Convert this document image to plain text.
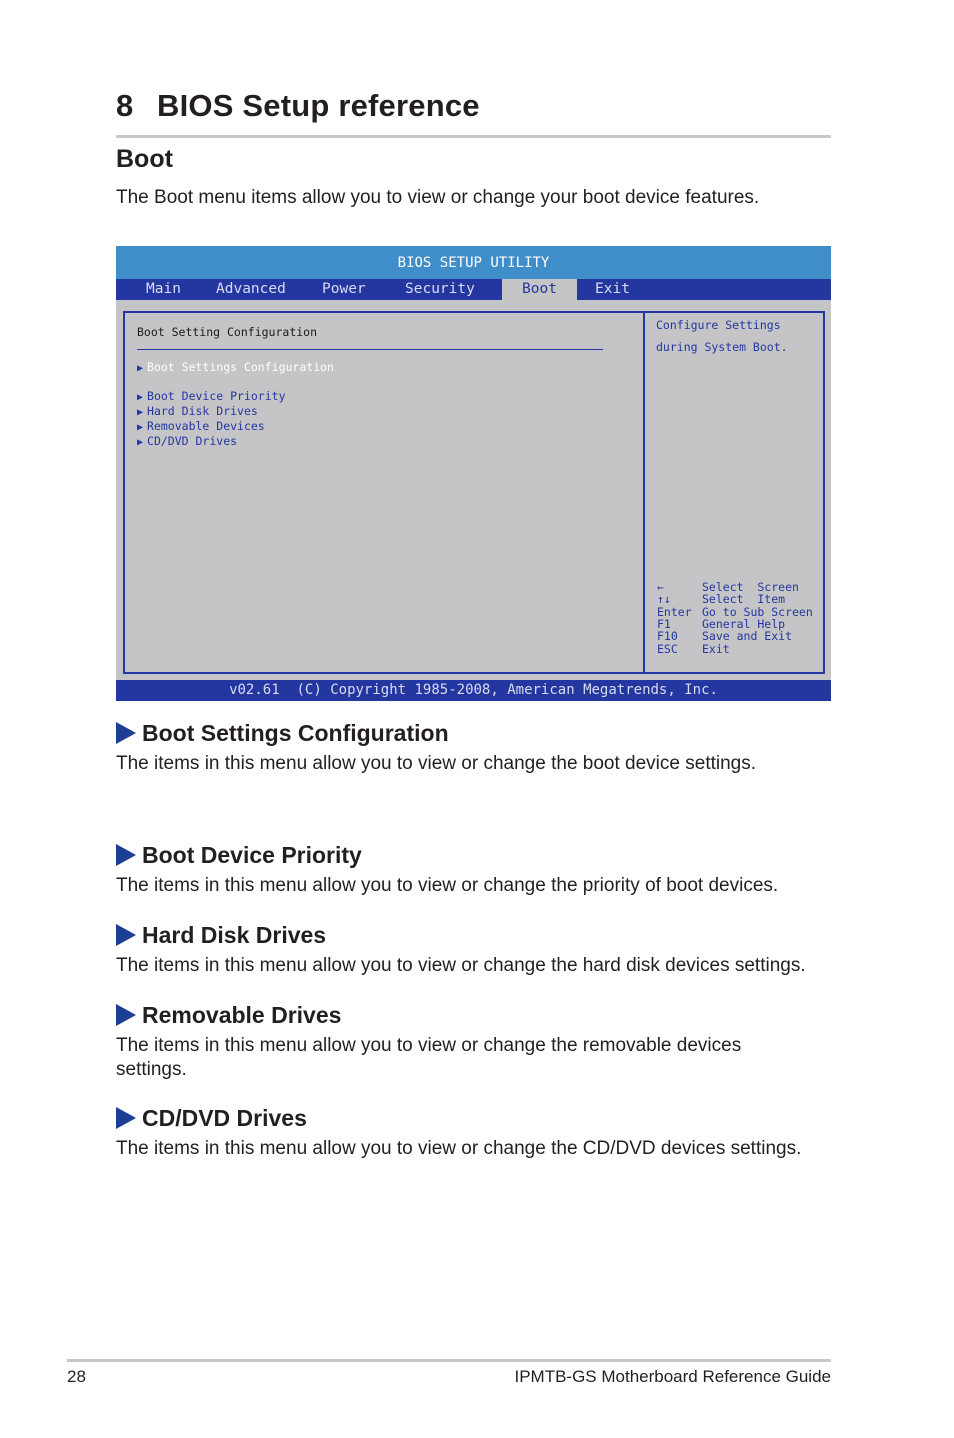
8 BIOS Setup reference
Boot

The Boot menu items allow you to view or change your boot device features.

BIOS SETUP UTILITY
Main Advanced Power	Security	Boot	Exit
Boot Setting Configuration
▶ Boot Settings Configuration
▶ Boot Device Priority
▶ Hard Disk Drives
▶ Removable Devices
▶ CD/DVD Drives
Configure Settings
during System Boot.
←	Select  Screen
↑↓	Select  Item
Enter Go to Sub Screen
F1	General Help
F10 Save and Exit
ESC Exit
v02.61  (C) Copyright 1985-2008, American Megatrends, Inc.
Boot Settings Configuration

The items in this menu allow you to view or change the boot device settings.

Boot Device Priority

The items in this menu allow you to view or change the priority of boot devices.

Hard Disk Drives

The items in this menu allow you to view or change the hard disk devices settings.

Removable Drives

The items in this menu allow you to view or change the removable devices settings.

CD/DVD Drives

The items in this menu allow you to view or change the CD/DVD devices settings.

28	IPMTB-GS Motherboard Reference Guide
